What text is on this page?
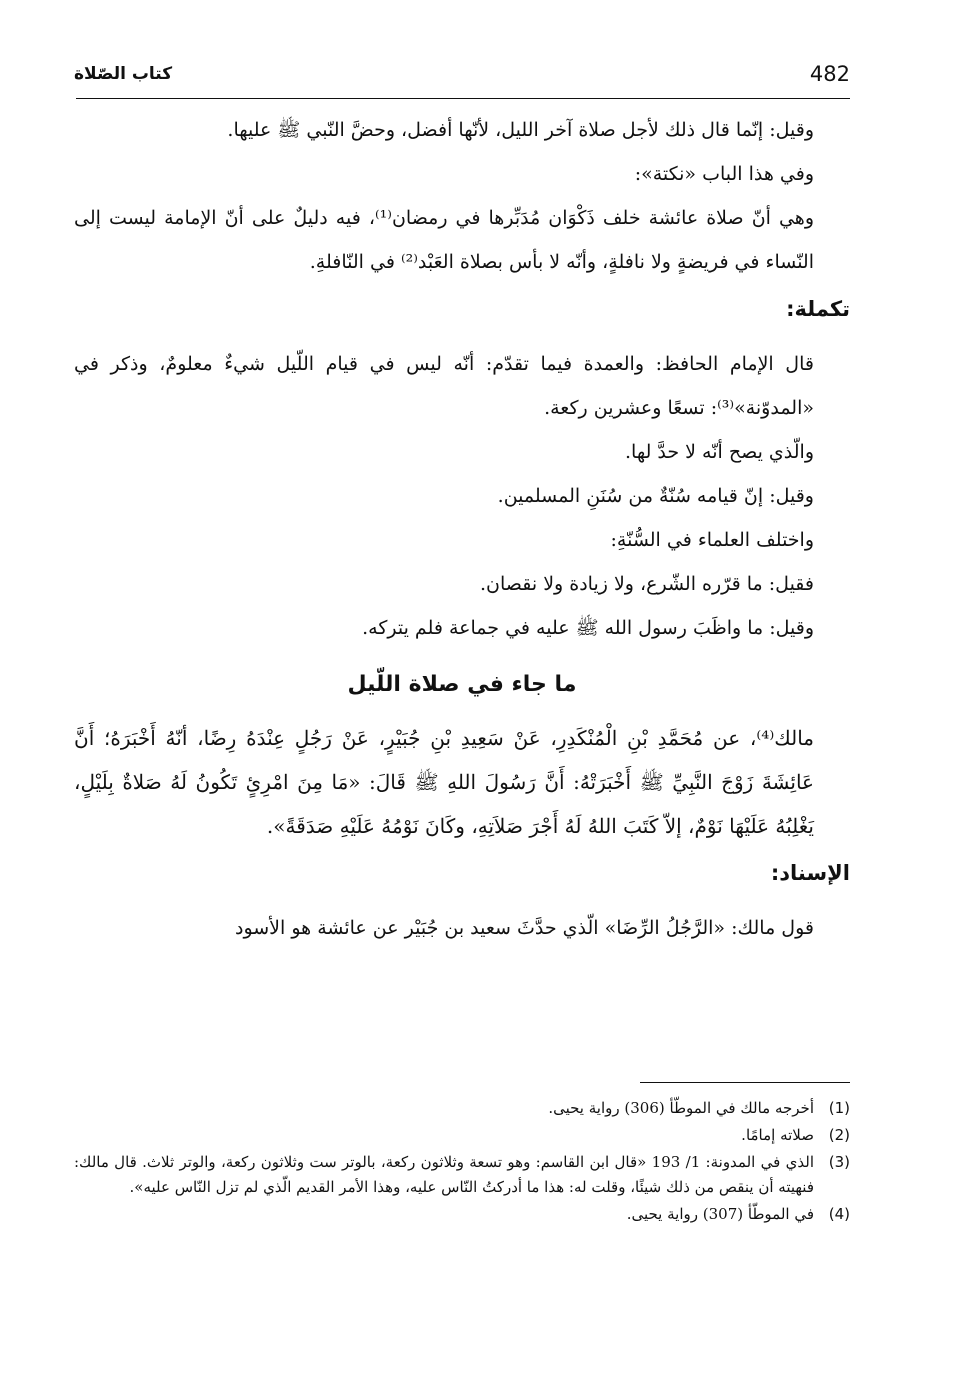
482
كتاب الصّلاة

وقيل: إنّما قال ذلك لأجل صلاة آخر الليل، لأنّها أفضل، وحضَّ النّبي ﷺ عليها.

وفي هذا الباب «نكتة»:

وهي أنّ صلاة عائشة خلف ذَكْوَان مُدَبِّرها في رمضان⁽¹⁾، فيه دليلٌ على أنّ الإمامة ليست إلى النّساء في فريضةٍ ولا نافلةٍ، وأنّه لا بأس بصلاة العَبْد⁽²⁾ في النّافلةِ.

تكملة:

قال الإمام الحافظ: والعمدة فيما تقدّم: أنّه ليس في قيام اللّيل شيءٌ معلومٌ، وذكر في «المدوّنة»⁽³⁾: تسعًا وعشرين ركعة.

والّذي يصح أنّه لا حدَّ لها.

وقيل: إنّ قيامه سُنّةٌ من سُنَنِ المسلمين.

واختلف العلماء في السُّنّةِ:

فقيل: ما قرّره الشّرع، ولا زيادة ولا نقصان.

وقيل: ما واظَبَ رسول الله ﷺ عليه في جماعة فلم يتركه.

ما جاء في صلاة اللّيل

مالك⁽⁴⁾، عن مُحَمَّدِ بْنِ الْمُنْكَدِرِ، عَنْ سَعِيدِ بْنِ جُبَيْرٍ، عَنْ رَجُلٍ عِنْدَهُ رِضًا، أنّهُ أَخْبَرَهُ؛ أَنَّ عَائِشَةَ زَوْجَ النَّبِيِّ ﷺ أَخْبَرَتْهُ: أَنَّ رَسُولَ اللهِ ﷺ قَالَ: «مَا مِنَ امْرِئٍ تَكُونُ لَهُ صَلاةٌ بِلَيْلٍ، يَغْلِبُهُ عَلَيْهَا نَوْمٌ، إلاّ كَتَبَ اللهُ لَهُ أَجْرَ صَلاَتِهِ، وكَانَ نَوْمُهُ عَلَيْهِ صَدَقَةً».

الإسناد:

قول مالك: «الرَّجُلُ الرِّضَا» الّذي حدَّثَ سعيد بن جُبَيْر عن عائشة هو الأسود

(1)
أخرجه مالك في الموطّأ (306) رواية يحيى.
(2)
صلاته إمامًا.
(3)
الذي في المدونة: 1/ 193 «قال ابن القاسم: وهو تسعة وثلاثون ركعة، بالوتر ست وثلاثون ركعة، والوتر ثلاث. قال مالك: فنهيته أن ينقص من ذلك شيئًا، وقلت له: هذا ما أدركتُ النّاس عليه، وهذا الأمر القديم الّذي لم تزل النّاس عليه».
(4)
في الموطّأ (307) رواية يحيى.
